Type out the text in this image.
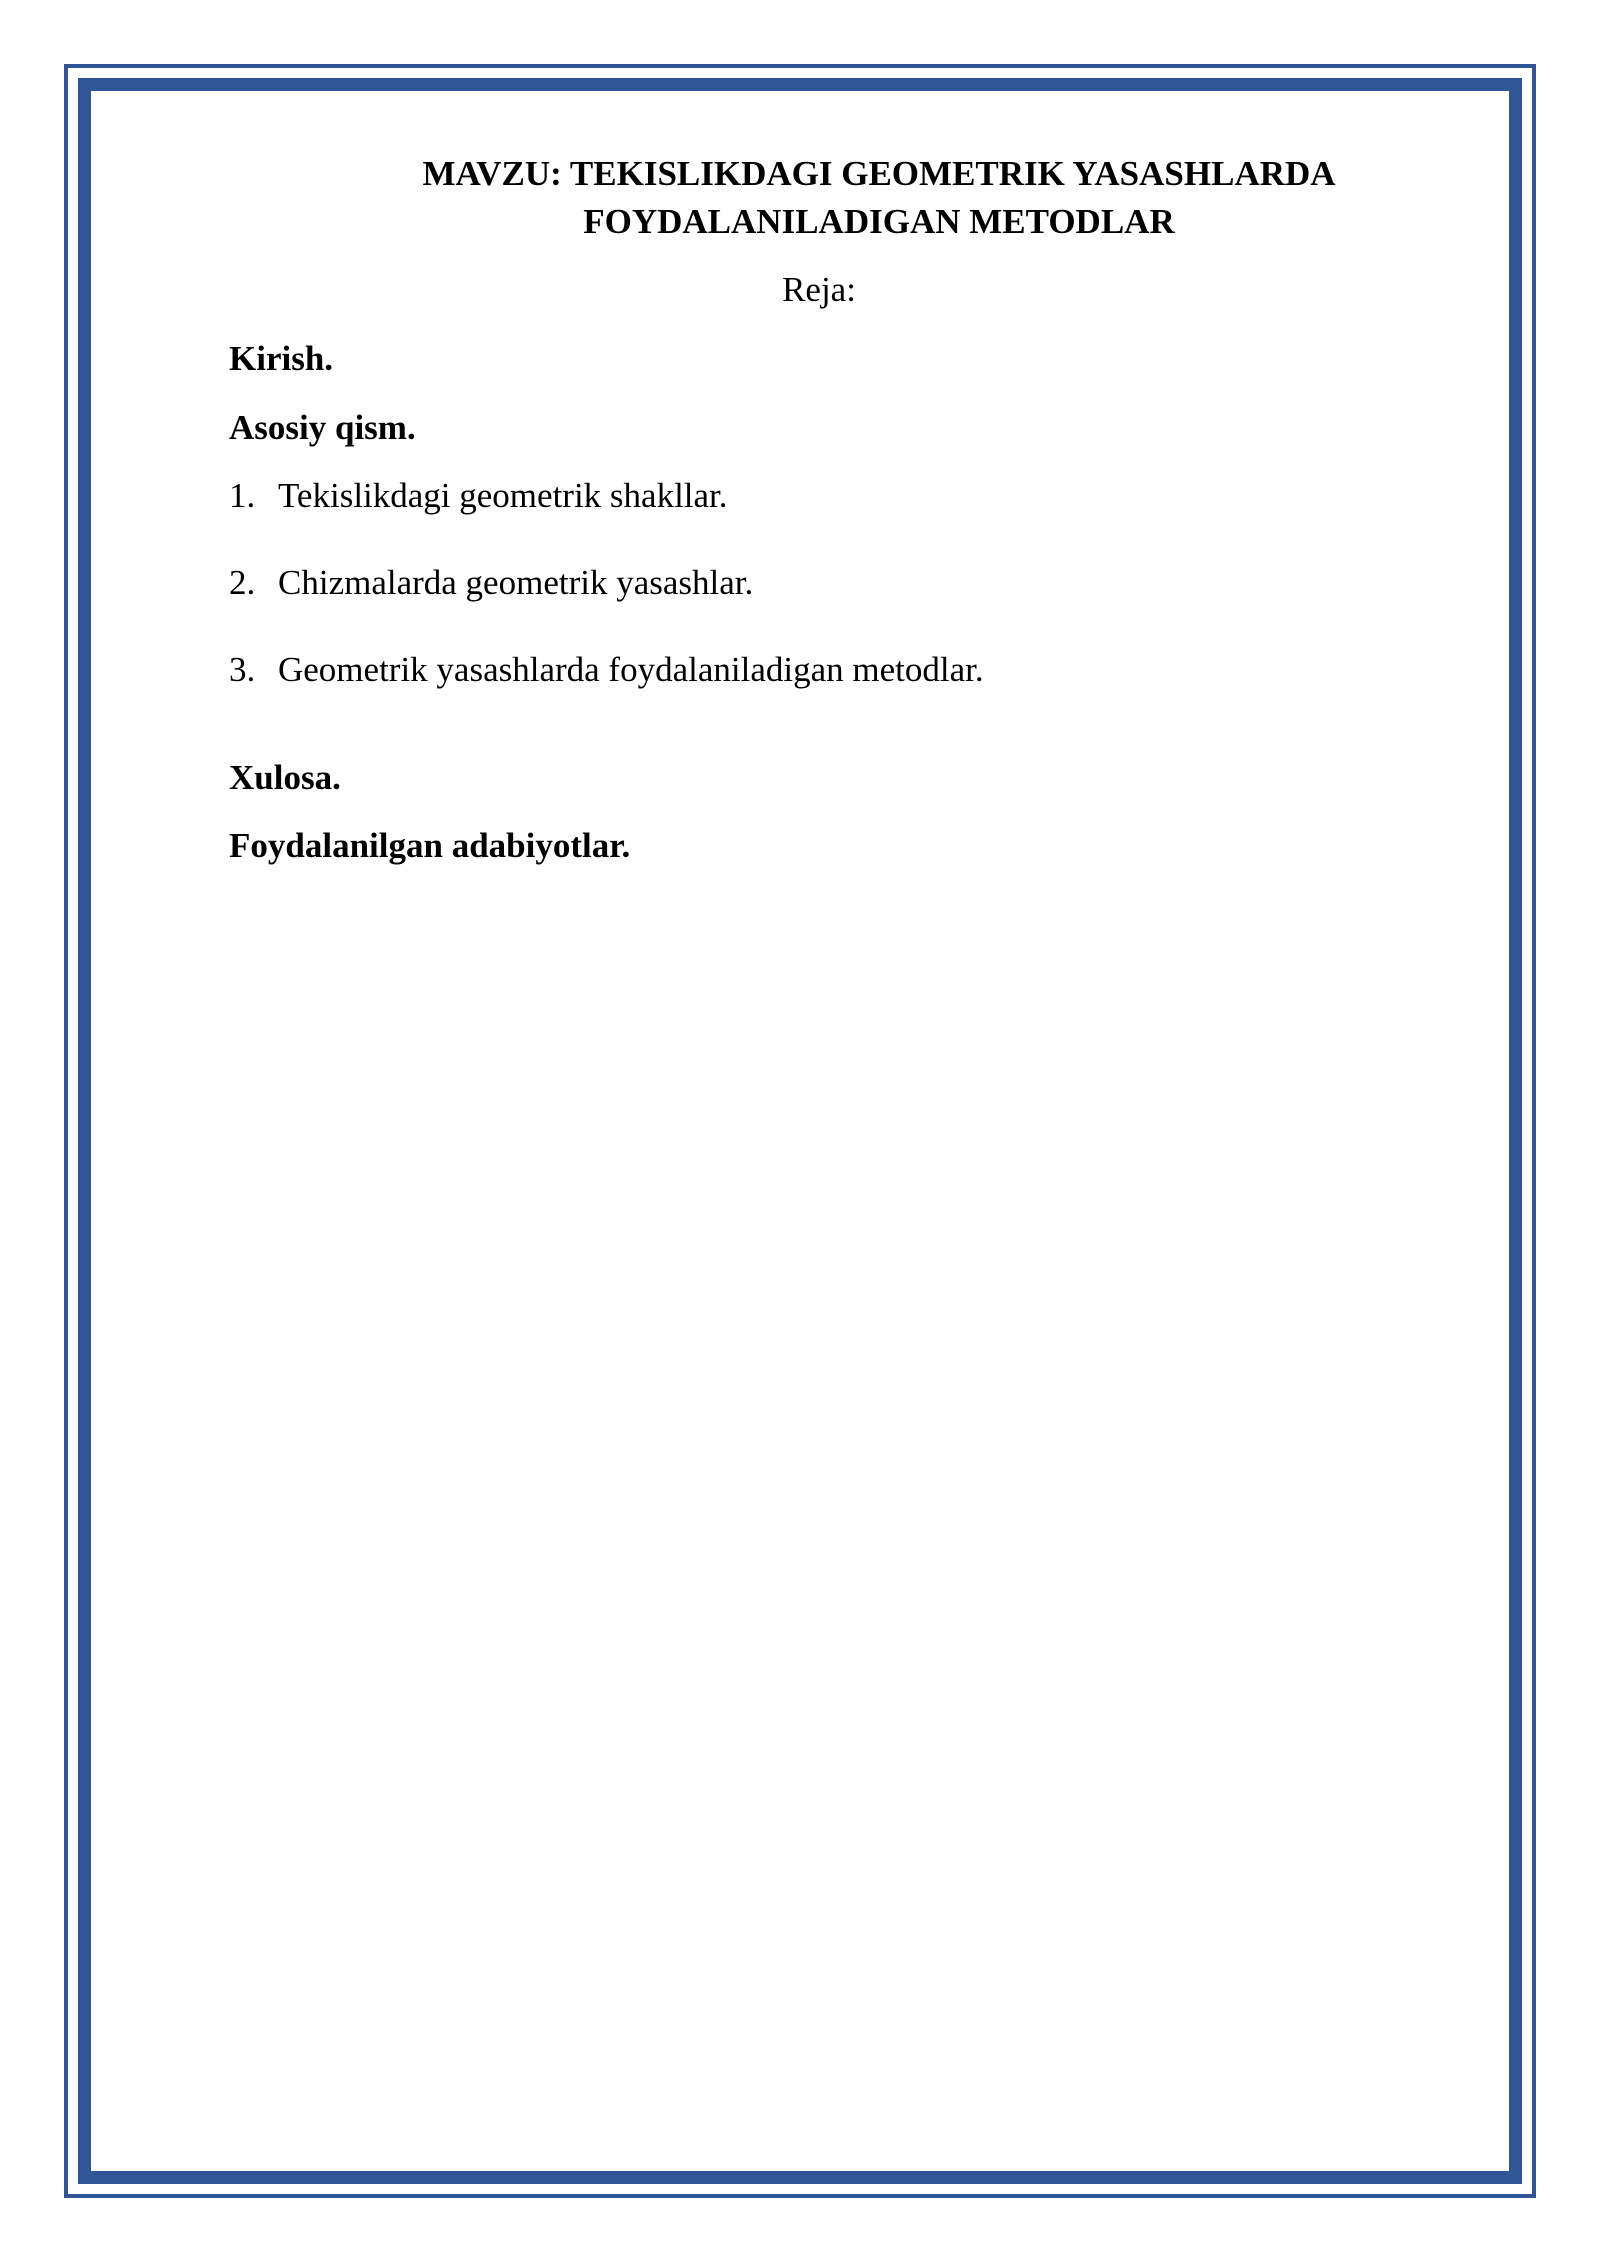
MAVZU: TEKISLIKDAGI GEOMETRIK YASASHLARDA
FOYDALANILADIGAN METODLAR
Reja:
Kirish.
Asosiy qism.
1. Tekislikdagi geometrik shakllar.
2. Chizmalarda geometrik yasashlar.
3. Geometrik yasashlarda foydalaniladigan metodlar.
Xulosa.
Foydalanilgan adabiyotlar.
